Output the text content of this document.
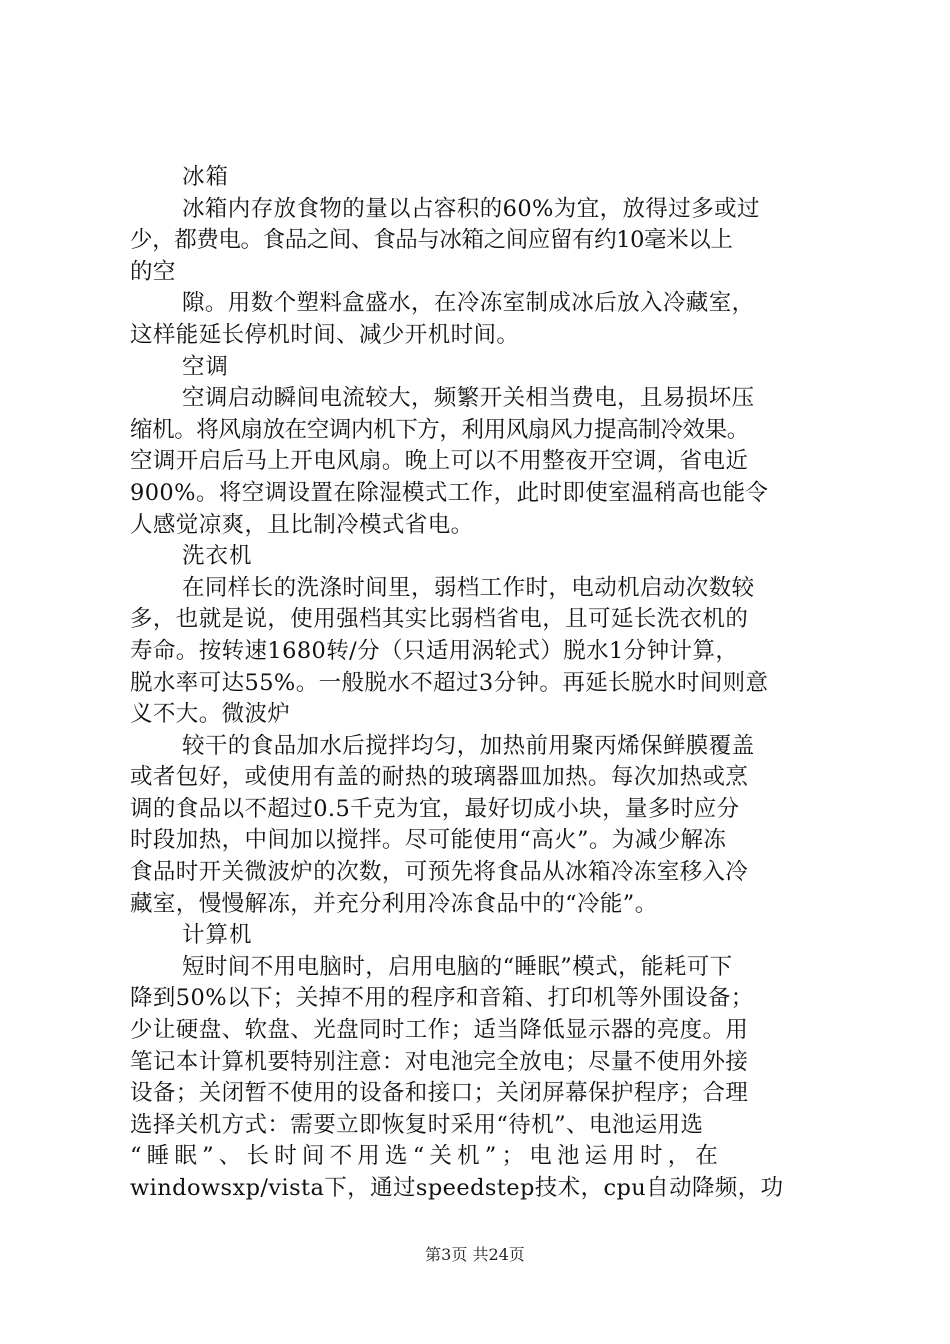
冰箱
冰箱内存放食物的量以占容积的60%为宜，放得过多或过
少，都费电。食品之间、食品与冰箱之间应留有约10毫米以上
的空
隙。用数个塑料盒盛水，在冷冻室制成冰后放入冷藏室，
这样能延长停机时间、减少开机时间。
空调
空调启动瞬间电流较大，频繁开关相当费电，且易损坏压
缩机。将风扇放在空调内机下方，利用风扇风力提高制冷效果。
空调开启后马上开电风扇。晚上可以不用整夜开空调，省电近
900%。将空调设置在除湿模式工作，此时即使室温稍高也能令
人感觉凉爽，且比制冷模式省电。
洗衣机
在同样长的洗涤时间里，弱档工作时，电动机启动次数较
多，也就是说，使用强档其实比弱档省电，且可延长洗衣机的
寿命。按转速1680转/分（只适用涡轮式）脱水1分钟计算，
脱水率可达55%。一般脱水不超过3分钟。再延长脱水时间则意
义不大。微波炉
较干的食品加水后搅拌均匀，加热前用聚丙烯保鲜膜覆盖
或者包好，或使用有盖的耐热的玻璃器皿加热。每次加热或烹
调的食品以不超过0.5千克为宜，最好切成小块，量多时应分
时段加热，中间加以搅拌。尽可能使用“高火”。为减少解冻
食品时开关微波炉的次数，可预先将食品从冰箱冷冻室移入冷
藏室，慢慢解冻，并充分利用冷冻食品中的“冷能”。
计算机
短时间不用电脑时，启用电脑的“睡眠”模式，能耗可下
降到50%以下；关掉不用的程序和音箱、打印机等外围设备；
少让硬盘、软盘、光盘同时工作；适当降低显示器的亮度。用
笔记本计算机要特别注意：对电池完全放电；尽量不使用外接
设备；关闭暂不使用的设备和接口；关闭屏幕保护程序；合理
选择关机方式：需要立即恢复时采用“待机”、电池运用选
“睡眠”、长时间不用选“关机”；电池运用时，在
windowsxp/vista下，通过speedstep技术，cpu自动降频，功
第3页 共24页
